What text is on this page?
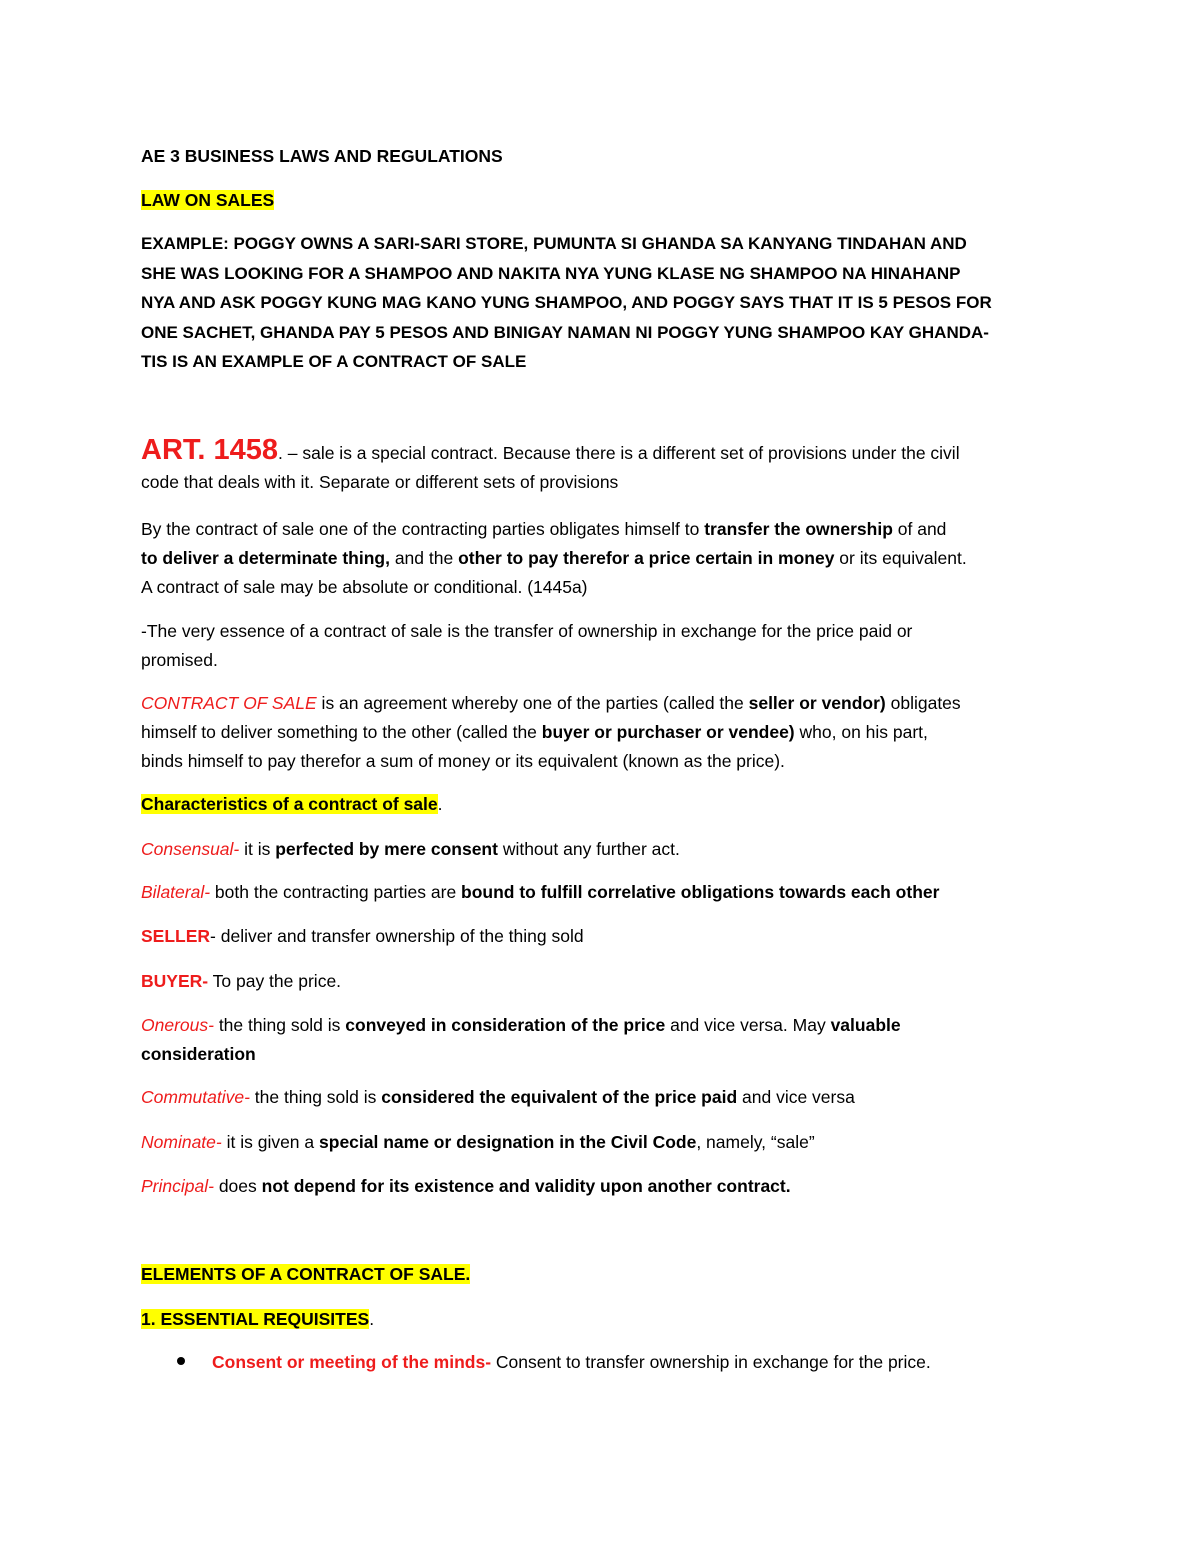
AE 3 BUSINESS LAWS AND REGULATIONS
LAW ON SALES
EXAMPLE: POGGY OWNS A SARI-SARI STORE, PUMUNTA SI GHANDA SA KANYANG TINDAHAN AND
SHE WAS LOOKING FOR A SHAMPOO AND NAKITA NYA YUNG KLASE NG SHAMPOO NA HINAHANP
NYA AND ASK POGGY KUNG MAG KANO YUNG SHAMPOO, AND POGGY SAYS THAT IT IS 5 PESOS FOR
ONE SACHET, GHANDA PAY 5 PESOS AND BINIGAY NAMAN NI POGGY YUNG SHAMPOO KAY GHANDA-
TIS IS AN EXAMPLE OF A CONTRACT OF SALE
ART. 1458. – sale is a special contract. Because there is a different set of provisions under the civil
code that deals with it. Separate or different sets of provisions
By the contract of sale one of the contracting parties obligates himself to transfer the ownership of and
to deliver a determinate thing, and the other to pay therefor a price certain in money or its equivalent.
A contract of sale may be absolute or conditional. (1445a)
-The very essence of a contract of sale is the transfer of ownership in exchange for the price paid or
promised.
CONTRACT OF SALE is an agreement whereby one of the parties (called the seller or vendor) obligates
himself to deliver something to the other (called the buyer or purchaser or vendee) who, on his part,
binds himself to pay therefor a sum of money or its equivalent (known as the price).
Characteristics of a contract of sale.
Consensual- it is perfected by mere consent without any further act.
Bilateral- both the contracting parties are bound to fulfill correlative obligations towards each other
SELLER- deliver and transfer ownership of the thing sold
BUYER- To pay the price.
Onerous- the thing sold is conveyed in consideration of the price and vice versa. May valuable
consideration
Commutative- the thing sold is considered the equivalent of the price paid and vice versa
Nominate- it is given a special name or designation in the Civil Code, namely, “sale”
Principal- does not depend for its existence and validity upon another contract.
ELEMENTS OF A CONTRACT OF SALE.
1. ESSENTIAL REQUISITES.
Consent or meeting of the minds- Consent to transfer ownership in exchange for the price.
